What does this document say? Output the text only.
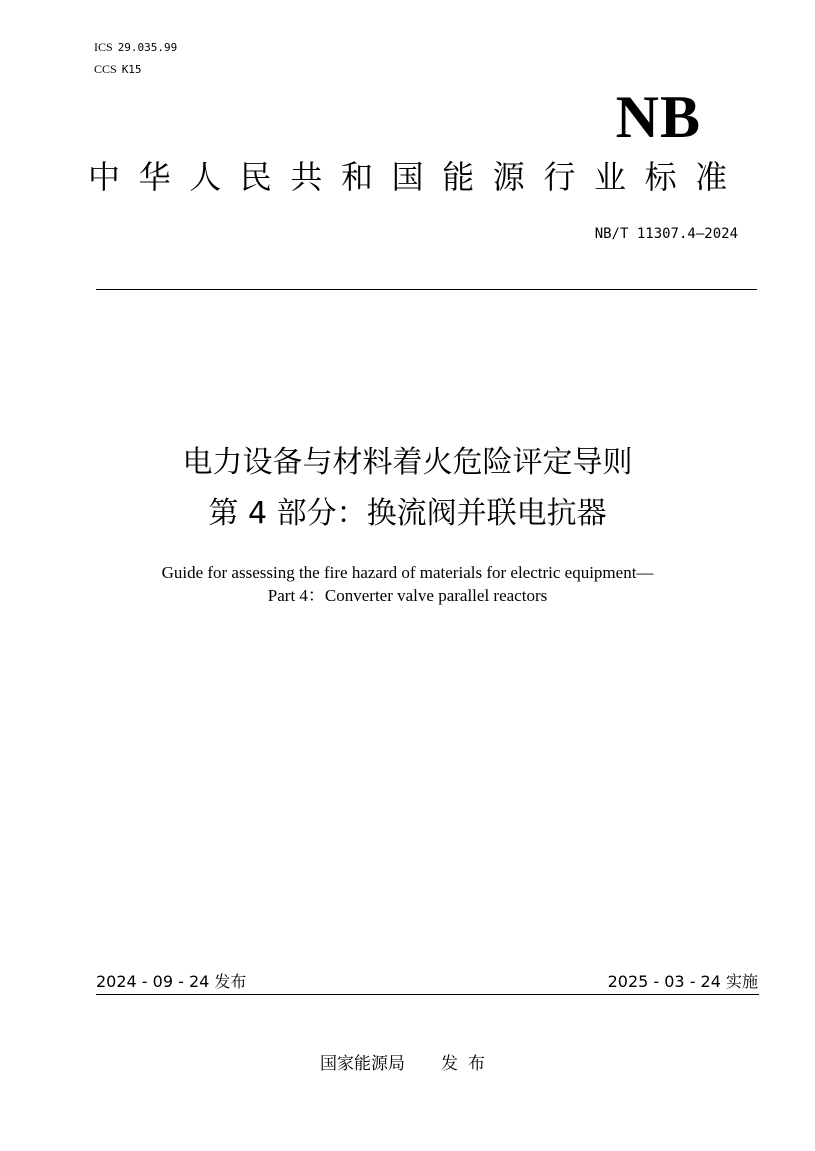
ICS 29.035.99
CCS K15
NB
中华人民共和国能源行业标准
NB/T 11307.4—2024
电力设备与材料着火危险评定导则
第 4 部分：换流阀并联电抗器
Guide for assessing the fire hazard of materials for electric equipment—
Part 4：Converter valve parallel reactors
2024 - 09 - 24 发布	2025 - 03 - 24 实施
国家能源局 发布
